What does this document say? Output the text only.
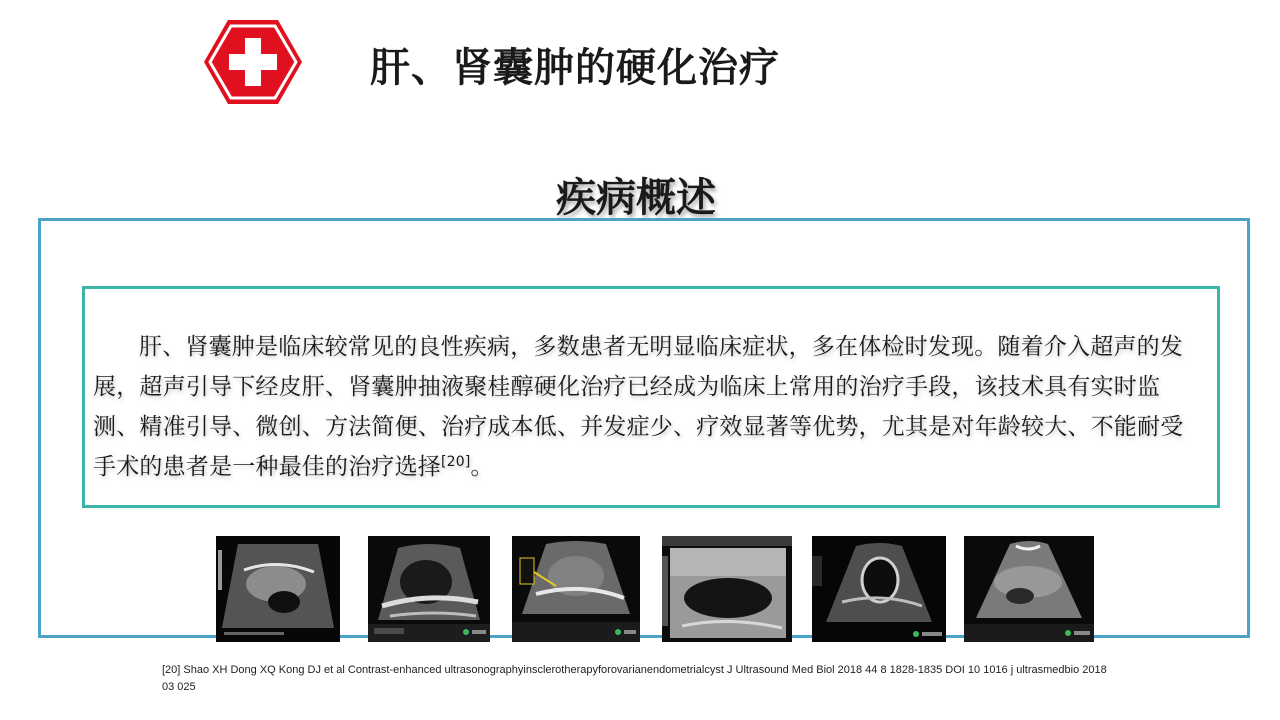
肝、肾囊肿的硬化治疗
疾病概述

肝、肾囊肿是临床较常见的良性疾病，多数患者无明显临床症状，多在体检时发现。随着介入超声的发展，超声引导下经皮肝、肾囊肿抽液聚桂醇硬化治疗已经成为临床上常用的治疗手段，该技术具有实时监测、精准引导、微创、方法简便、治疗成本低、并发症少、疗效显著等优势，尤其是对年龄较大、不能耐受手术的患者是一种最佳的治疗选择[20]。

[20] Shao XH Dong XQ Kong DJ et al Contrast-enhanced ultrasonographyinsclerotherapyforovarianendometrialcyst J Ultrasound Med Biol 2018 44 8 1828-1835 DOI 10 1016 j ultrasmedbio 2018 03 025
